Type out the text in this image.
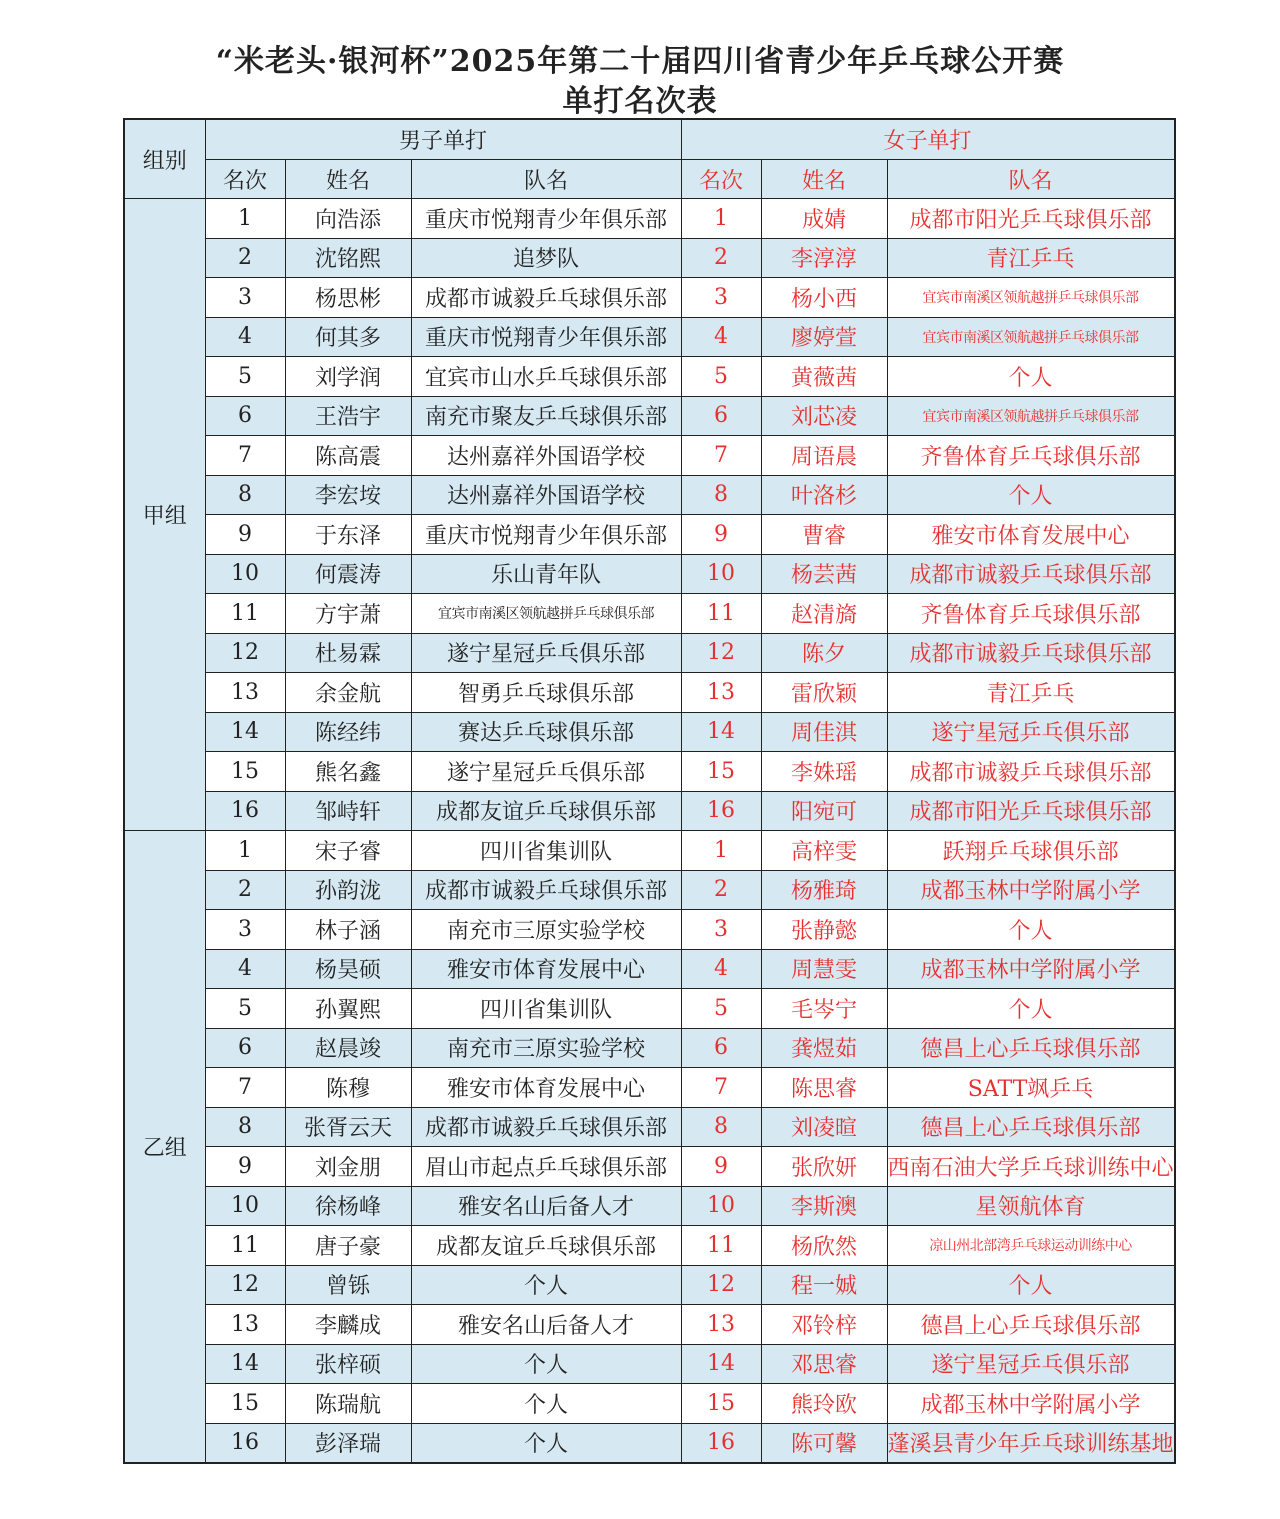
“米老头·银河杯”2025年第二十届四川省青少年乒乓球公开赛
单打名次表
组别	男子单打			女子单打		
	名次	姓名	队名	名次	姓名	队名
甲组	1	向浩添	重庆市悦翔青少年俱乐部	1	成婧	成都市阳光乒乓球俱乐部
	2	沈铭熙	追梦队	2	李淳淳	青江乒乓
	3	杨思彬	成都市诚毅乒乓球俱乐部	3	杨小西	宜宾市南溪区领航越拼乒乓球俱乐部
	4	何其多	重庆市悦翔青少年俱乐部	4	廖婷萱	宜宾市南溪区领航越拼乒乓球俱乐部
	5	刘学润	宜宾市山水乒乓球俱乐部	5	黄薇茜	个人
	6	王浩宇	南充市聚友乒乓球俱乐部	6	刘芯凌	宜宾市南溪区领航越拼乒乓球俱乐部
	7	陈高震	达州嘉祥外国语学校	7	周语晨	齐鲁体育乒乓球俱乐部
	8	李宏垵	达州嘉祥外国语学校	8	叶洛杉	个人
	9	于东泽	重庆市悦翔青少年俱乐部	9	曹睿	雅安市体育发展中心
	10	何震涛	乐山青年队	10	杨芸茜	成都市诚毅乒乓球俱乐部
	11	方宇萧	宜宾市南溪区领航越拼乒乓球俱乐部	11	赵清旖	齐鲁体育乒乓球俱乐部
	12	杜易霖	遂宁星冠乒乓俱乐部	12	陈夕	成都市诚毅乒乓球俱乐部
	13	余金航	智勇乒乓球俱乐部	13	雷欣颖	青江乒乓
	14	陈经纬	赛达乒乓球俱乐部	14	周佳淇	遂宁星冠乒乓俱乐部
	15	熊名鑫	遂宁星冠乒乓俱乐部	15	李姝瑶	成都市诚毅乒乓球俱乐部
	16	邹峙轩	成都友谊乒乓球俱乐部	16	阳宛可	成都市阳光乒乓球俱乐部
乙组	1	宋子睿	四川省集训队	1	高梓雯	跃翔乒乓球俱乐部
	2	孙韵泷	成都市诚毅乒乓球俱乐部	2	杨雅琦	成都玉林中学附属小学
	3	林子涵	南充市三原实验学校	3	张静懿	个人
	4	杨昊硕	雅安市体育发展中心	4	周慧雯	成都玉林中学附属小学
	5	孙翼熙	四川省集训队	5	毛岑宁	个人
	6	赵晨竣	南充市三原实验学校	6	龚煜茹	德昌上心乒乓球俱乐部
	7	陈穆	雅安市体育发展中心	7	陈思睿	SATT飒乒乓
	8	张胥云天	成都市诚毅乒乓球俱乐部	8	刘凌暄	德昌上心乒乓球俱乐部
	9	刘金朋	眉山市起点乒乓球俱乐部	9	张欣妍	西南石油大学乒乓球训练中心
	10	徐杨峰	雅安名山后备人才	10	李斯澳	星领航体育
	11	唐子豪	成都友谊乒乓球俱乐部	11	杨欣然	凉山州北部湾乒乓球运动训练中心
	12	曾铄	个人	12	程一娍	个人
	13	李麟成	雅安名山后备人才	13	邓铃梓	德昌上心乒乓球俱乐部
	14	张梓硕	个人	14	邓思睿	遂宁星冠乒乓俱乐部
	15	陈瑞航	个人	15	熊玲欧	成都玉林中学附属小学
	16	彭泽瑞	个人	16	陈可馨	蓬溪县青少年乒乓球训练基地
